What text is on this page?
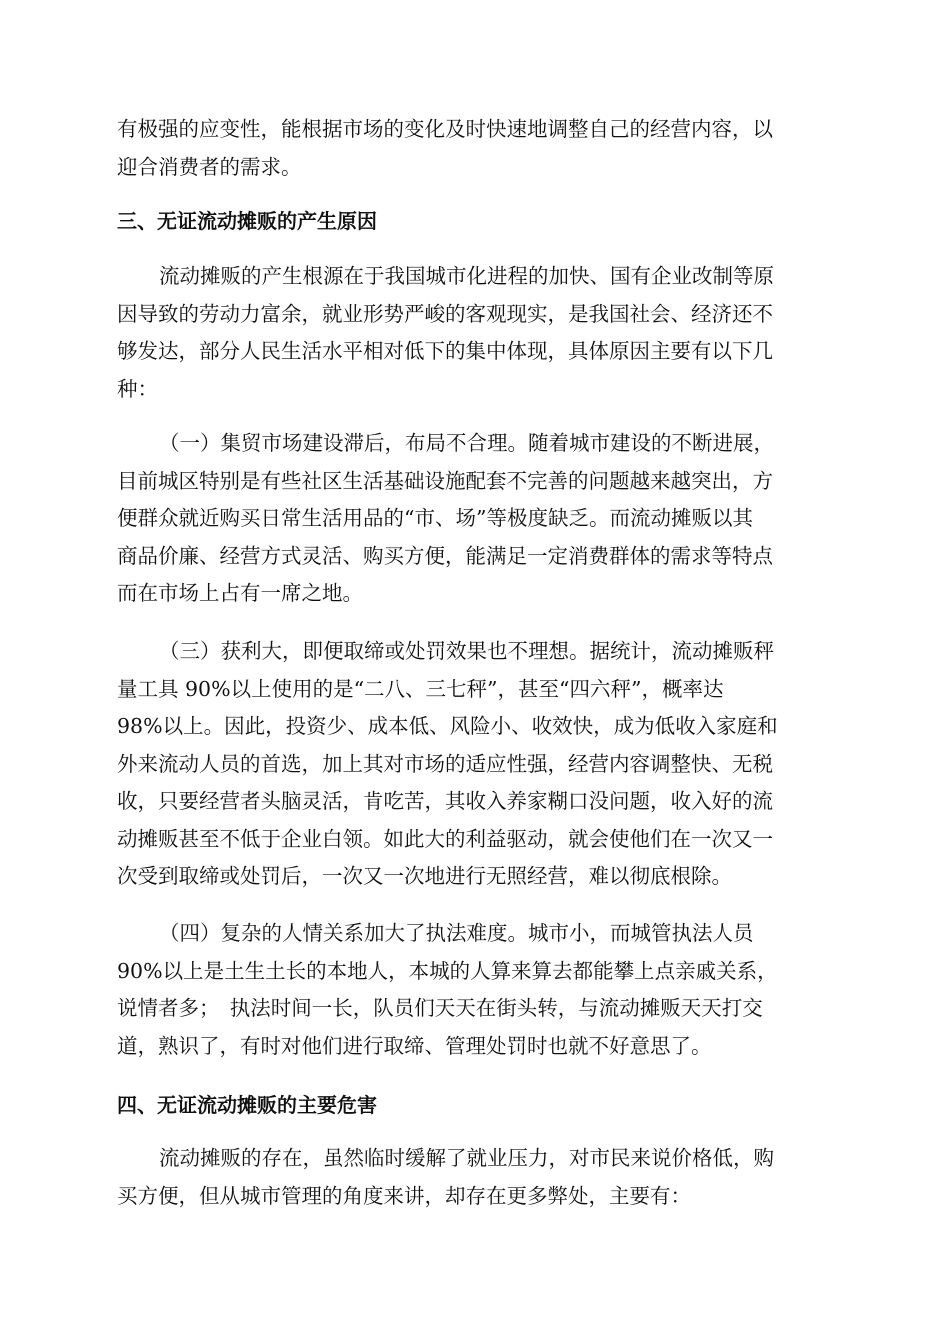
有极强的应变性，能根据市场的变化及时快速地调整自己的经营内容，以
迎合消费者的需求。
三、无证流动摊贩的产生原因
流动摊贩的产生根源在于我国城市化进程的加快、国有企业改制等原
因导致的劳动力富余，就业形势严峻的客观现实，是我国社会、经济还不
够发达，部分人民生活水平相对低下的集中体现，具体原因主要有以下几
种：
（一）集贸市场建设滞后，布局不合理。随着城市建设的不断进展，
目前城区特别是有些社区生活基础设施配套不完善的问题越来越突出，方
便群众就近购买日常生活用品的“市、场”等极度缺乏。而流动摊贩以其
商品价廉、经营方式灵活、购买方便，能满足一定消费群体的需求等特点
而在市场上占有一席之地。
（三）获利大，即便取缔或处罚效果也不理想。据统计，流动摊贩秤
量工具 90%以上使用的是“二八、三七秤”，甚至“四六秤”，概率达
98%以上。因此，投资少、成本低、风险小、收效快，成为低收入家庭和
外来流动人员的首选，加上其对市场的适应性强，经营内容调整快、无税
收，只要经营者头脑灵活，肯吃苦，其收入养家糊口没问题，收入好的流
动摊贩甚至不低于企业白领。如此大的利益驱动，就会使他们在一次又一
次受到取缔或处罚后，一次又一次地进行无照经营，难以彻底根除。
（四）复杂的人情关系加大了执法难度。城市小，而城管执法人员
90%以上是土生土长的本地人，本城的人算来算去都能攀上点亲戚关系，
说情者多；　执法时间一长，队员们天天在街头转，与流动摊贩天天打交
道，熟识了，有时对他们进行取缔、管理处罚时也就不好意思了。
四、无证流动摊贩的主要危害
流动摊贩的存在，虽然临时缓解了就业压力，对市民来说价格低，购
买方便，但从城市管理的角度来讲，却存在更多弊处，主要有：
